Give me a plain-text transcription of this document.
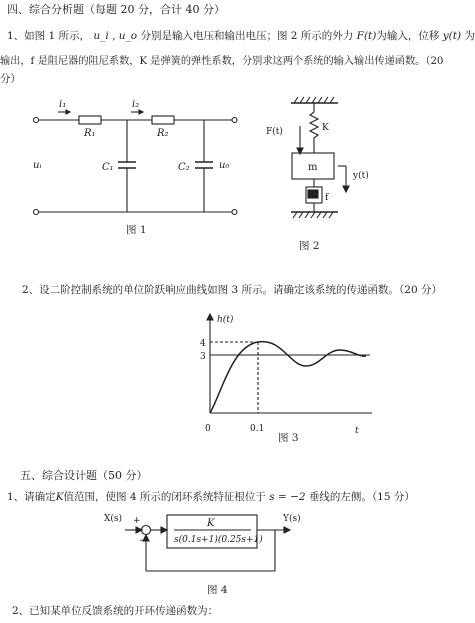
四、综合分析题（每题 20 分，合计 40 分）
1、如图 1 所示， u_i , u_o 分别是输入电压和输出电压；图 2 所示的外力 F(t)为输入，位移 y(t) 为
输出，f 是阻尼器的阻尼系数，K 是弹簧的弹性系数，分别求这两个系统的输入输出传递函数。（20
分）
2、设二阶控制系统的单位阶跃响应曲线如图 3 所示。请确定该系统的传递函数。（20 分）
五、综合设计题（50 分）
1、请确定K值范围，使图 4 所示的闭环系统特征根位于 s = −2 垂线的左侧。（15 分）
2、已知某单位反馈系统的开环传递函数为：
i₁	i₂
R₁	R₂
C₁	C₂
uᵢ	u₀
图 1
F(t)	K
m
y(t)
f
图 2
h(t)
4
3
0	0.1	t
图 3
X(s) +
−
K
s(0.1s+1)(0.25s+1)
Y(s)
图 4
